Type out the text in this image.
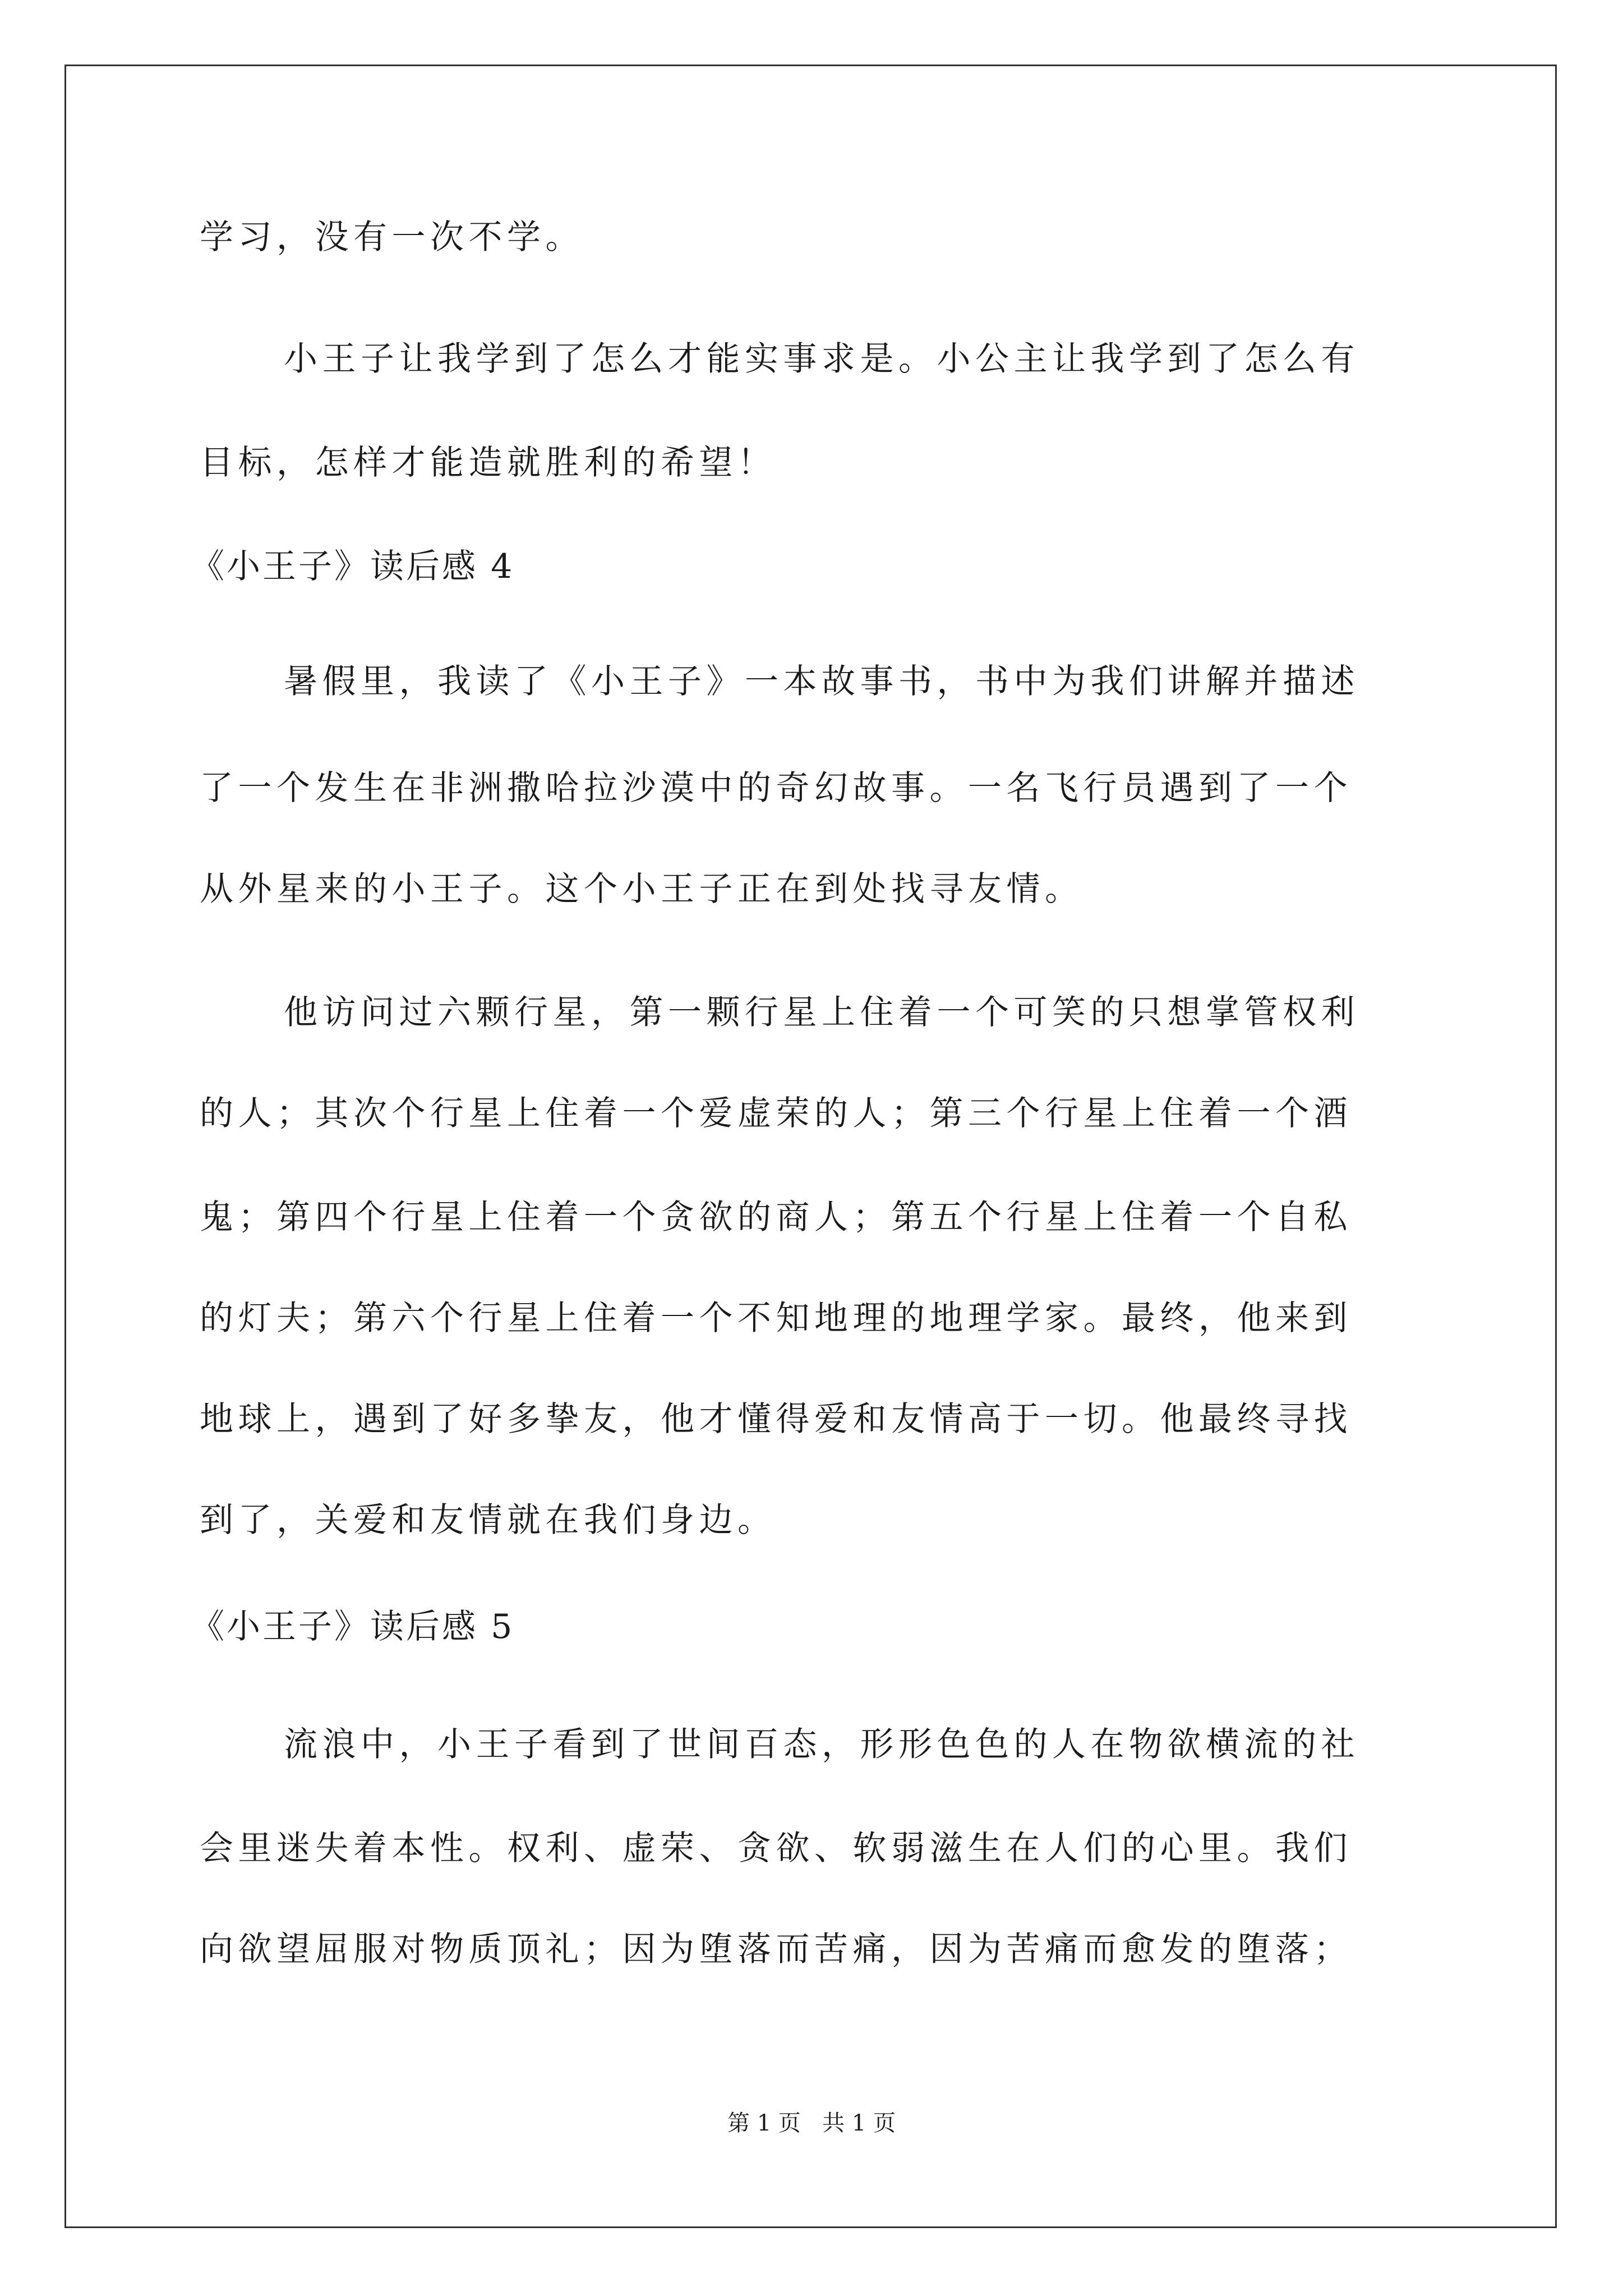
学习，没有一次不学。
小王子让我学到了怎么才能实事求是。小公主让我学到了怎么有
目标，怎样才能造就胜利的希望！
《小王子》读后感 4
暑假里，我读了《小王子》一本故事书，书中为我们讲解并描述
了一个发生在非洲撒哈拉沙漠中的奇幻故事。一名飞行员遇到了一个
从外星来的小王子。这个小王子正在到处找寻友情。
他访问过六颗行星，第一颗行星上住着一个可笑的只想掌管权利
的人；其次个行星上住着一个爱虚荣的人；第三个行星上住着一个酒
鬼；第四个行星上住着一个贪欲的商人；第五个行星上住着一个自私
的灯夫；第六个行星上住着一个不知地理的地理学家。最终，他来到
地球上，遇到了好多挚友，他才懂得爱和友情高于一切。他最终寻找
到了，关爱和友情就在我们身边。
《小王子》读后感 5
流浪中，小王子看到了世间百态，形形色色的人在物欲横流的社
会里迷失着本性。权利、虚荣、贪欲、软弱滋生在人们的心里。我们
向欲望屈服对物质顶礼；因为堕落而苦痛，因为苦痛而愈发的堕落；
第 1 页   共 1 页
